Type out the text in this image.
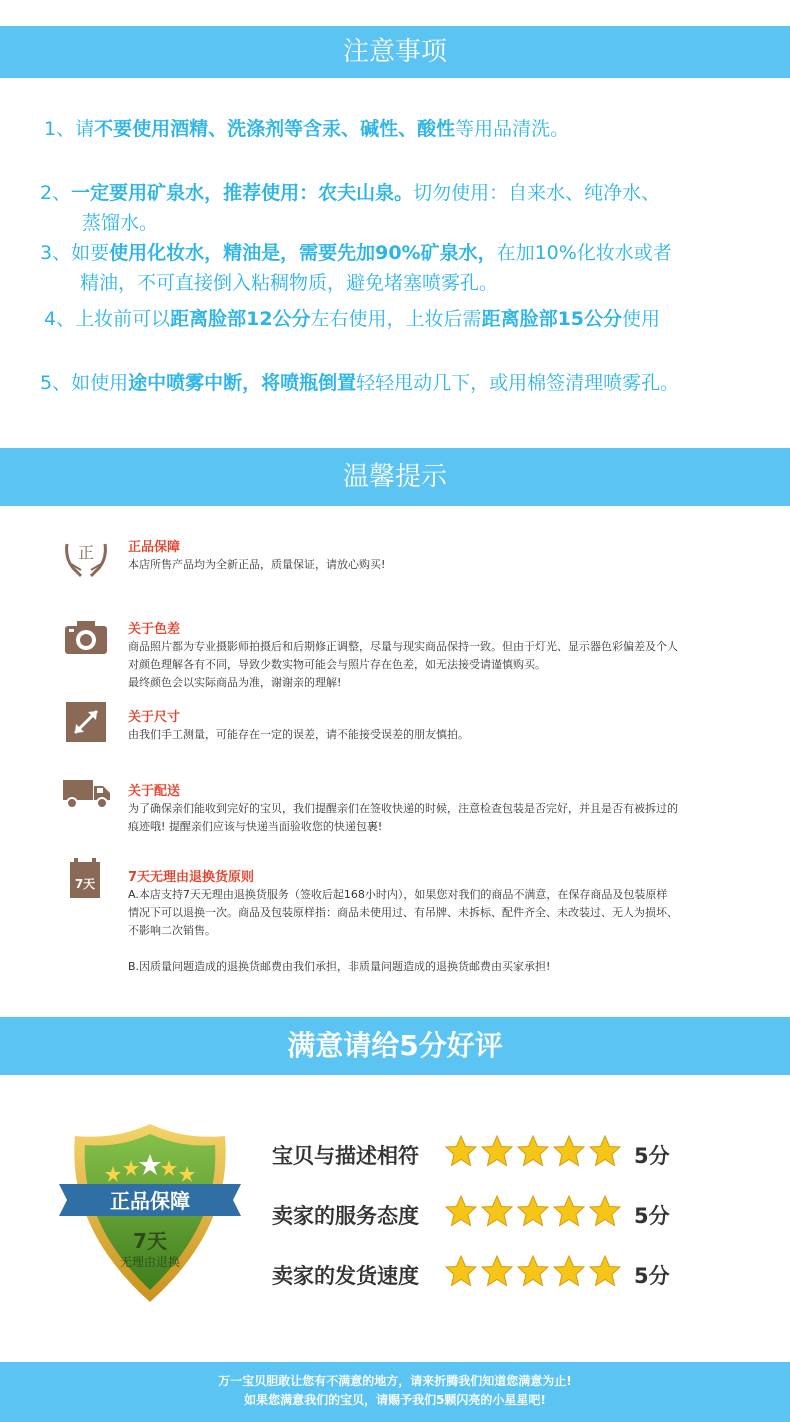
注意事项
1、请不要使用酒精、洗涤剂等含汞、碱性、酸性等用品清洗。
2、一定要用矿泉水，推荐使用：农夫山泉。切勿使用：自来水、纯净水、
蒸馏水。
3、如要使用化妆水，精油是，需要先加90%矿泉水，在加10%化妆水或者
精油，不可直接倒入粘稠物质，避免堵塞喷雾孔。
4、上妆前可以距离脸部12公分左右使用，上妆后需距离脸部15公分使用
5、如使用途中喷雾中断，将喷瓶倒置轻轻甩动几下，或用棉签清理喷雾孔。
温馨提示
正	正品保障

本店所售产品均为全新正品，质量保证，请放心购买!

关于色差

商品照片都为专业摄影师拍摄后和后期修正调整，尽量与现实商品保持一致。但由于灯光、显示器色彩偏差及个人

对颜色理解各有不同，导致少数实物可能会与照片存在色差，如无法接受请谨慎购买。

最终颜色会以实际商品为准，谢谢亲的理解!

关于尺寸

由我们手工测量，可能存在一定的误差，请不能接受误差的朋友慎拍。

关于配送

为了确保亲们能收到完好的宝贝，我们提醒亲们在签收快递的时候，注意检查包装是否完好，并且是否有被拆过的

痕迹哦! 提醒亲们应该与快递当面验收您的快递包裹!

7天	7天无理由退换货原则

A.本店支持7天无理由退换货服务（签收后起168小时内），如果您对我们的商品不满意，在保存商品及包装原样

情况下可以退换一次。商品及包装原样指：商品未使用过、有吊牌、未拆标、配件齐全、未改装过、无人为损坏、

不影响二次销售。

B.因质量问题造成的退换货邮费由我们承担，非质量问题造成的退换货邮费由买家承担!

满意请给5分好评
正品保障
7天
无理由退换
宝贝与描述相符	5分
卖家的服务态度	5分
卖家的发货速度	5分
万一宝贝胆敢让您有不满意的地方，请来折腾我们知道您满意为止!
如果您满意我们的宝贝，请赐予我们5颗闪亮的小星星吧!
